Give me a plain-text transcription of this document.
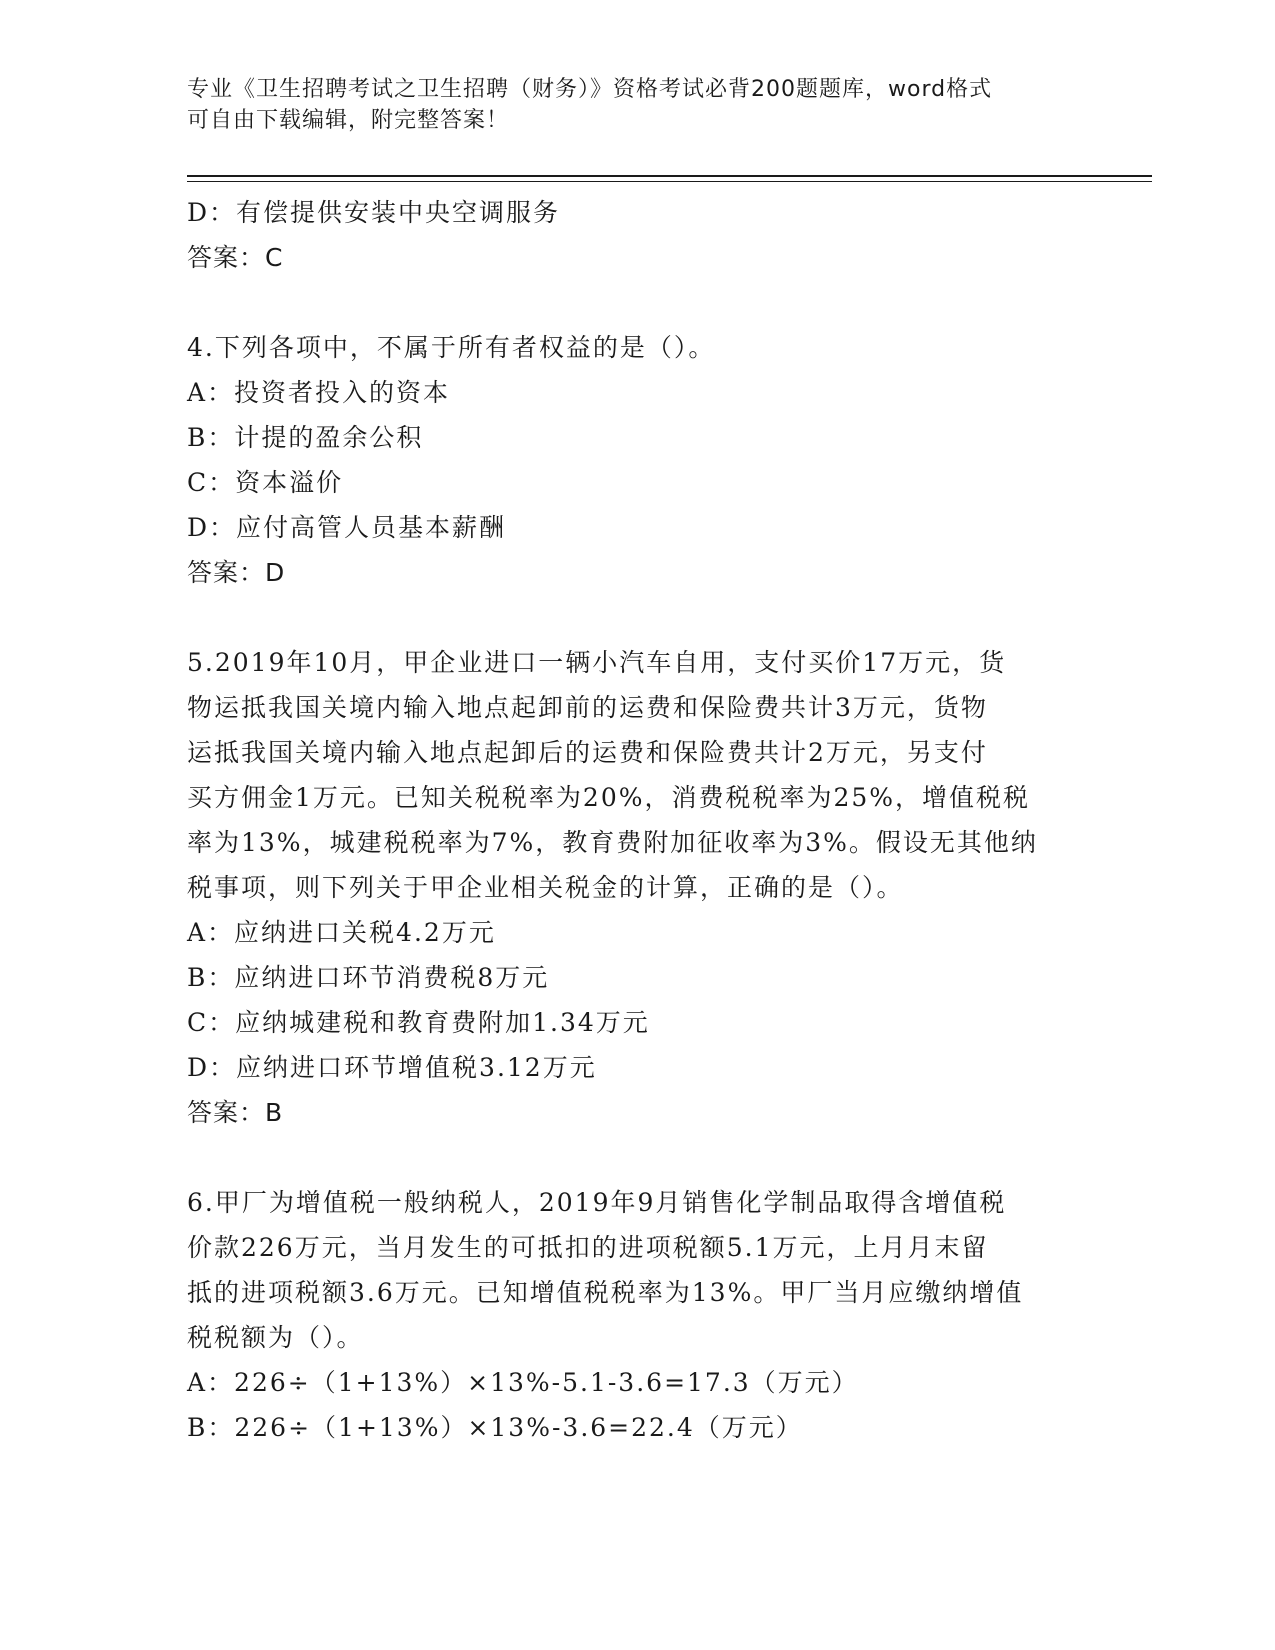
专业《卫生招聘考试之卫生招聘（财务）》资格考试必背200题题库，word格式
可自由下载编辑，附完整答案！
D：有偿提供安装中央空调服务
答案：C
4.下列各项中，不属于所有者权益的是（）。
A：投资者投入的资本
B：计提的盈余公积
C：资本溢价
D：应付高管人员基本薪酬
答案：D
5.2019年10月，甲企业进口一辆小汽车自用，支付买价17万元，货
物运抵我国关境内输入地点起卸前的运费和保险费共计3万元，货物
运抵我国关境内输入地点起卸后的运费和保险费共计2万元，另支付
买方佣金1万元。已知关税税率为20%，消费税税率为25%，增值税税
率为13%，城建税税率为7%，教育费附加征收率为3%。假设无其他纳
税事项，则下列关于甲企业相关税金的计算，正确的是（）。
A：应纳进口关税4.2万元
B：应纳进口环节消费税8万元
C：应纳城建税和教育费附加1.34万元
D：应纳进口环节增值税3.12万元
答案：B
6.甲厂为增值税一般纳税人，2019年9月销售化学制品取得含增值税
价款226万元，当月发生的可抵扣的进项税额5.1万元，上月月末留
抵的进项税额3.6万元。已知增值税税率为13%。甲厂当月应缴纳增值
税税额为（）。
A：226÷（1+13%）×13%-5.1-3.6=17.3（万元）
B：226÷（1+13%）×13%-3.6=22.4（万元）
